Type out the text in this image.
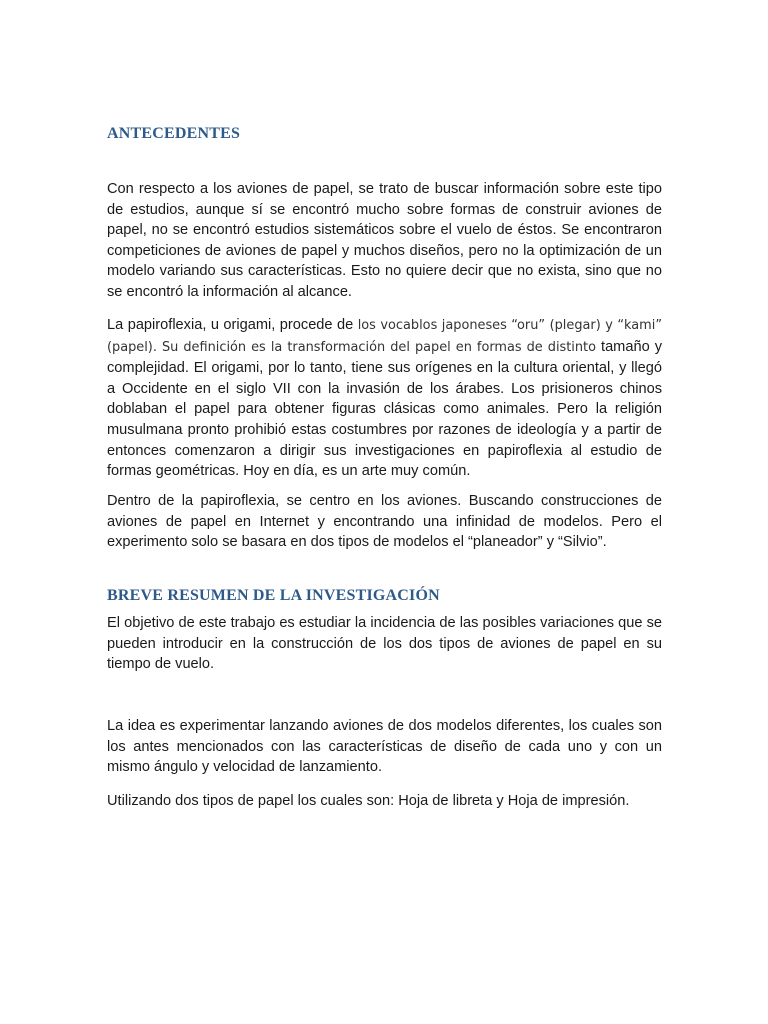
ANTECEDENTES

Con respecto a los aviones de papel, se trato de buscar información sobre este tipo de estudios, aunque sí se encontró mucho sobre formas de construir aviones de papel, no se encontró estudios sistemáticos sobre el vuelo de éstos. Se encontraron competiciones de aviones de papel y muchos diseños, pero no la optimización de un modelo variando sus características. Esto no quiere decir que no exista, sino que no se encontró la información al alcance.

La papiroflexia, u origami, procede de los vocablos japoneses “oru” (plegar) y “kami” (papel). Su definición es la transformación del papel en formas de distinto tamaño y complejidad. El origami, por lo tanto, tiene sus orígenes en la cultura oriental, y llegó a Occidente en el siglo VII con la invasión de los árabes. Los prisioneros chinos doblaban el papel para obtener figuras clásicas como animales. Pero la religión musulmana pronto prohibió estas costumbres por razones de ideología y a partir de entonces comenzaron a dirigir sus investigaciones en papiroflexia al estudio de formas geométricas. Hoy en día, es un arte muy común.

Dentro de la papiroflexia, se centro en los aviones. Buscando construcciones de aviones de papel en Internet y encontrando una infinidad de modelos. Pero el experimento solo se basara en dos tipos de modelos el “planeador” y “Silvio”.

BREVE RESUMEN DE LA INVESTIGACIÓN

El objetivo de este trabajo es estudiar la incidencia de las posibles variaciones que se pueden introducir en la construcción de los dos tipos de aviones de papel en su tiempo de vuelo.

La idea es experimentar lanzando aviones de dos modelos diferentes, los cuales son los antes mencionados con las características de diseño de cada uno y con un mismo ángulo y velocidad de lanzamiento.

Utilizando dos tipos de papel los cuales son: Hoja de libreta y Hoja de impresión.
